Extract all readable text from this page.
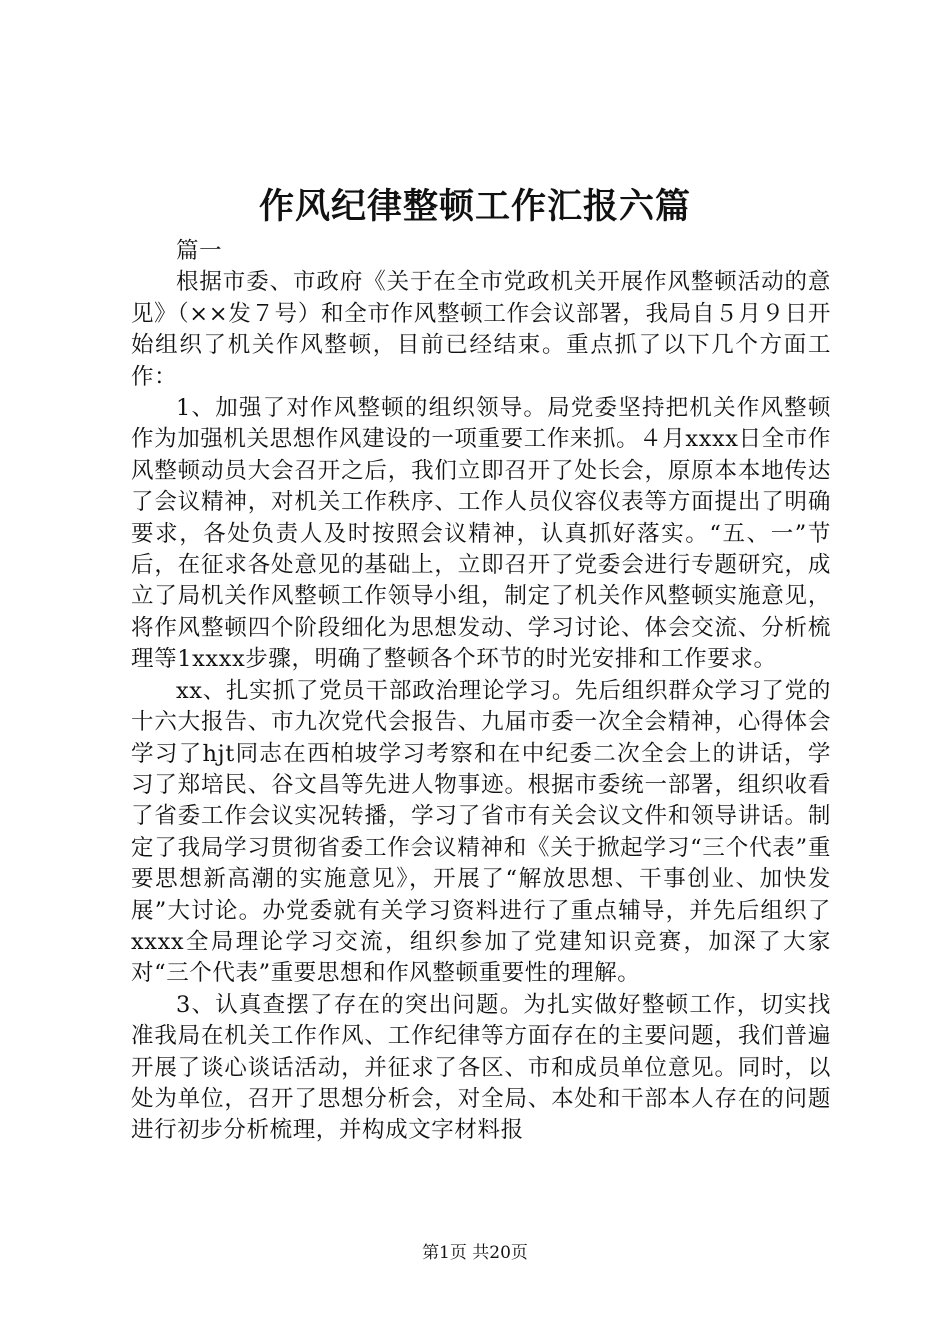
作风纪律整顿工作汇报六篇

篇一

根据市委、市政府《关于在全市党政机关开展作风整顿活动的意见》（××发７号）和全市作风整顿工作会议部署，我局自５月９日开始组织了机关作风整顿，目前已经结束。重点抓了以下几个方面工作：

1、加强了对作风整顿的组织领导。局党委坚持把机关作风整顿作为加强机关思想作风建设的一项重要工作来抓。４月xxxx日全市作风整顿动员大会召开之后，我们立即召开了处长会，原原本本地传达了会议精神，对机关工作秩序、工作人员仪容仪表等方面提出了明确要求，各处负责人及时按照会议精神，认真抓好落实。“五、一”节后，在征求各处意见的基础上，立即召开了党委会进行专题研究，成立了局机关作风整顿工作领导小组，制定了机关作风整顿实施意见，将作风整顿四个阶段细化为思想发动、学习讨论、体会交流、分析梳理等1xxxx步骤，明确了整顿各个环节的时光安排和工作要求。

xx、扎实抓了党员干部政治理论学习。先后组织群众学习了党的十六大报告、市九次党代会报告、九届市委一次全会精神，心得体会学习了hjt同志在西柏坡学习考察和在中纪委二次全会上的讲话，学习了郑培民、谷文昌等先进人物事迹。根据市委统一部署，组织收看了省委工作会议实况转播，学习了省市有关会议文件和领导讲话。制定了我局学习贯彻省委工作会议精神和《关于掀起学习“三个代表”重要思想新高潮的实施意见》，开展了“解放思想、干事创业、加快发展”大讨论。办党委就有关学习资料进行了重点辅导，并先后组织了xxxx全局理论学习交流，组织参加了党建知识竞赛，加深了大家对“三个代表”重要思想和作风整顿重要性的理解。

3、认真查摆了存在的突出问题。为扎实做好整顿工作，切实找准我局在机关工作作风、工作纪律等方面存在的主要问题，我们普遍开展了谈心谈话活动，并征求了各区、市和成员单位意见。同时，以处为单位，召开了思想分析会，对全局、本处和干部本人存在的问题进行初步分析梳理，并构成文字材料报

第1页 共20页
